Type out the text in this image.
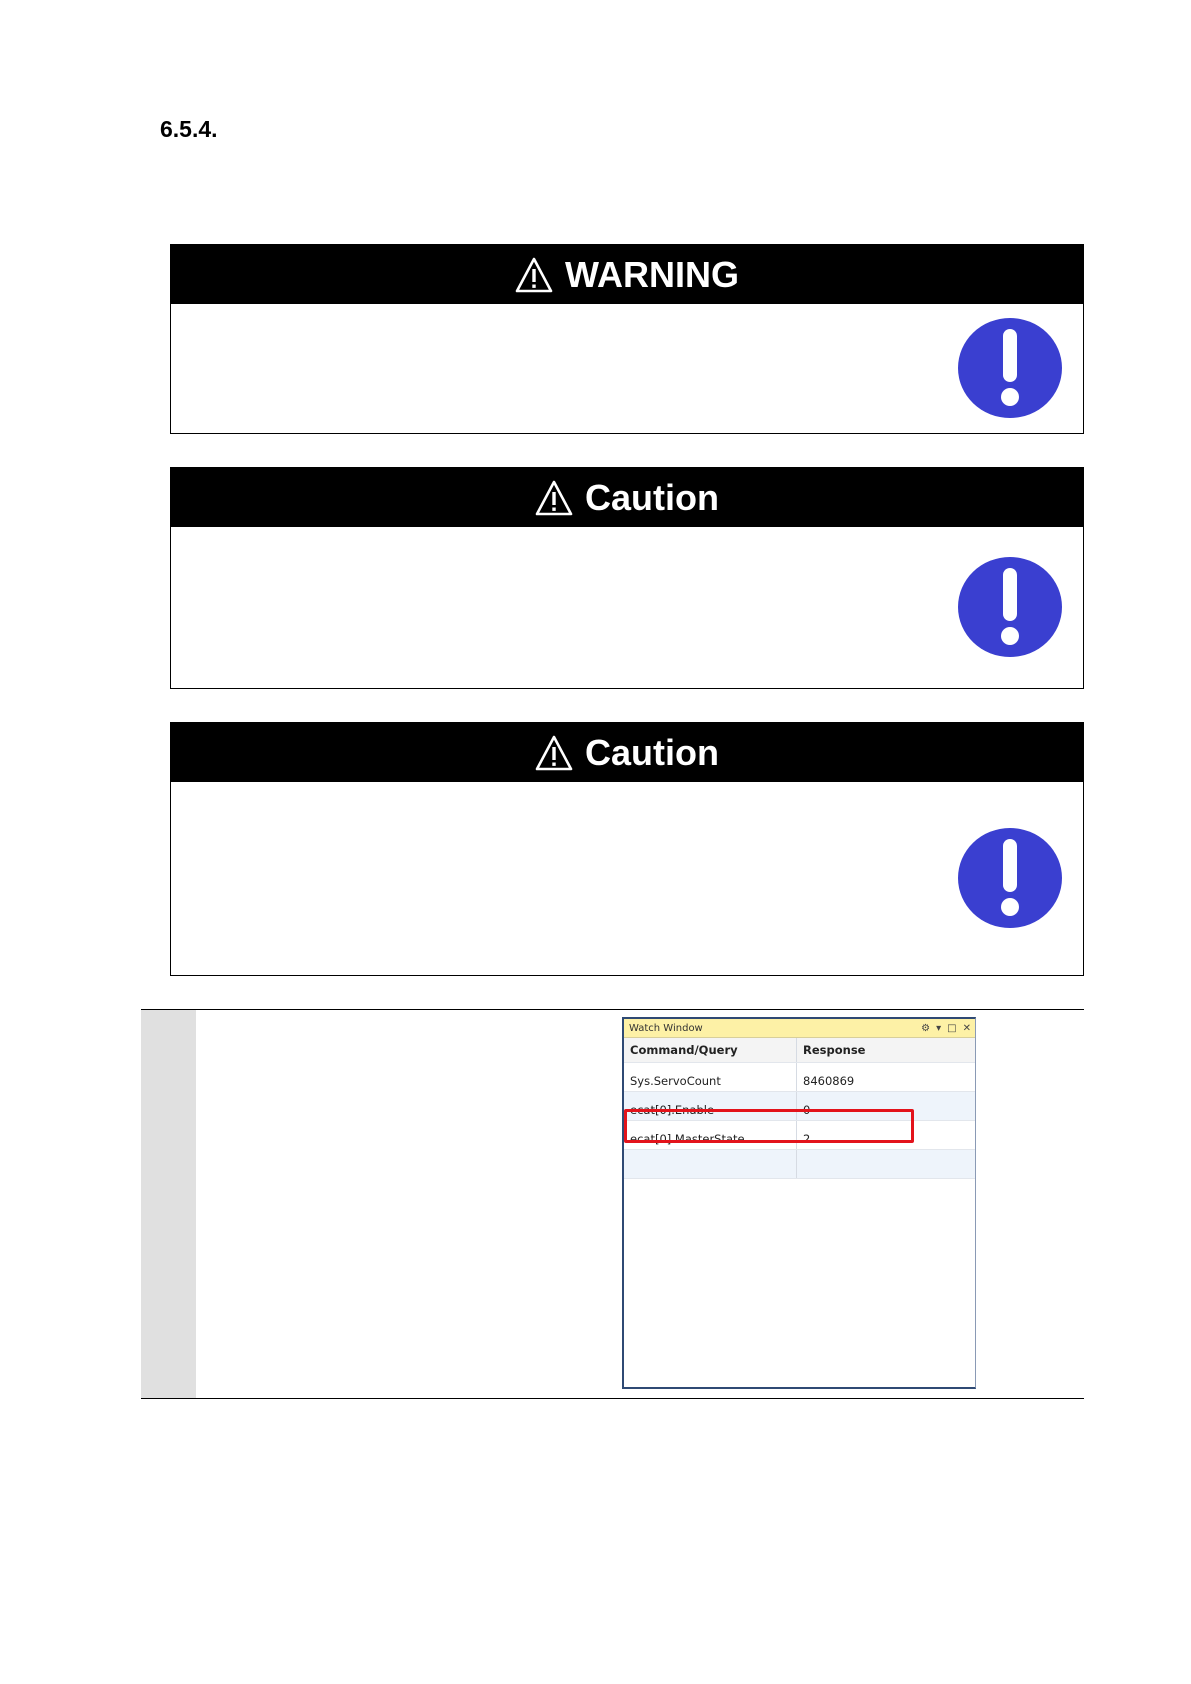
6.5.4.
WARNING
Caution
Caution
Watch Window	⚙ ▾ □ ✕
Command/Query	Response
Sys.ServoCount	8460869
ecat[0].Enable	0
ecat[0].MasterState	2
